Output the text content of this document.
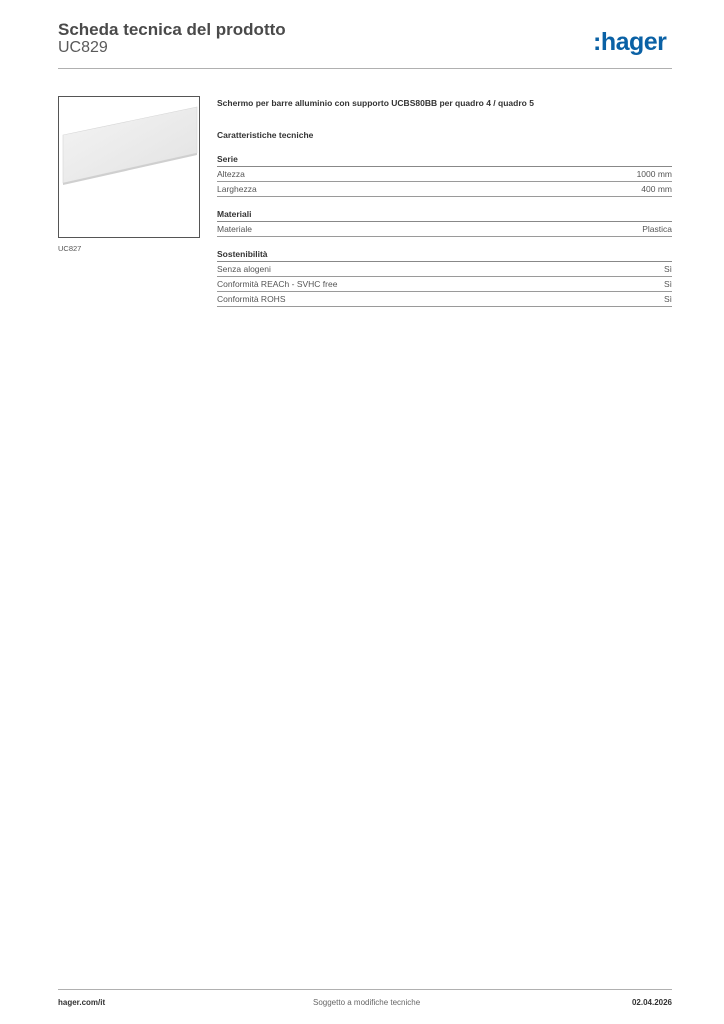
Scheda tecnica del prodotto
UC829	:hager
UC827

Schermo per barre alluminio con supporto UCBS80BB per quadro 4 / quadro 5

Caratteristiche tecniche

Serie
Altezza	1000 mm
Larghezza	400 mm
Materiali
Materiale	Plastica
Sostenibilità
Senza alogeni	Sì
Conformità REACh - SVHC free	Sì
Conformità ROHS	Sì
hager.com/it	Soggetto a modifiche tecniche	02.04.2026
